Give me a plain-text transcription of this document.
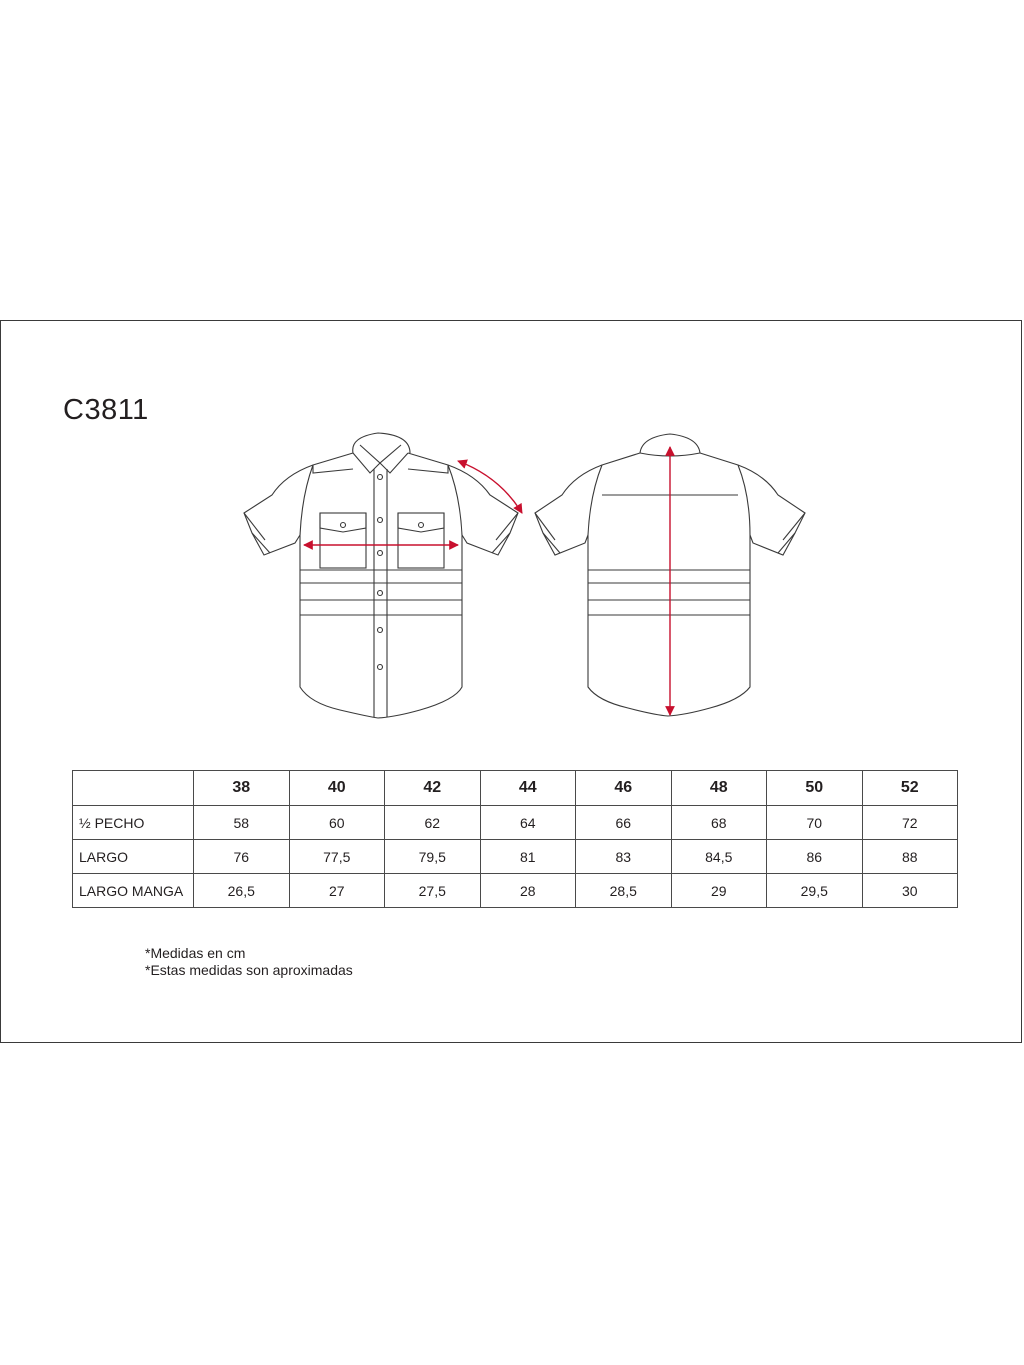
C3811
	38	40	42	44	46	48	50	52
½ PECHO	58	60	62	64	66	68	70	72
LARGO	76	77,5	79,5	81	83	84,5	86	88
LARGO MANGA	26,5	27	27,5	28	28,5	29	29,5	30
*Medidas en cm
*Estas medidas son aproximadas
